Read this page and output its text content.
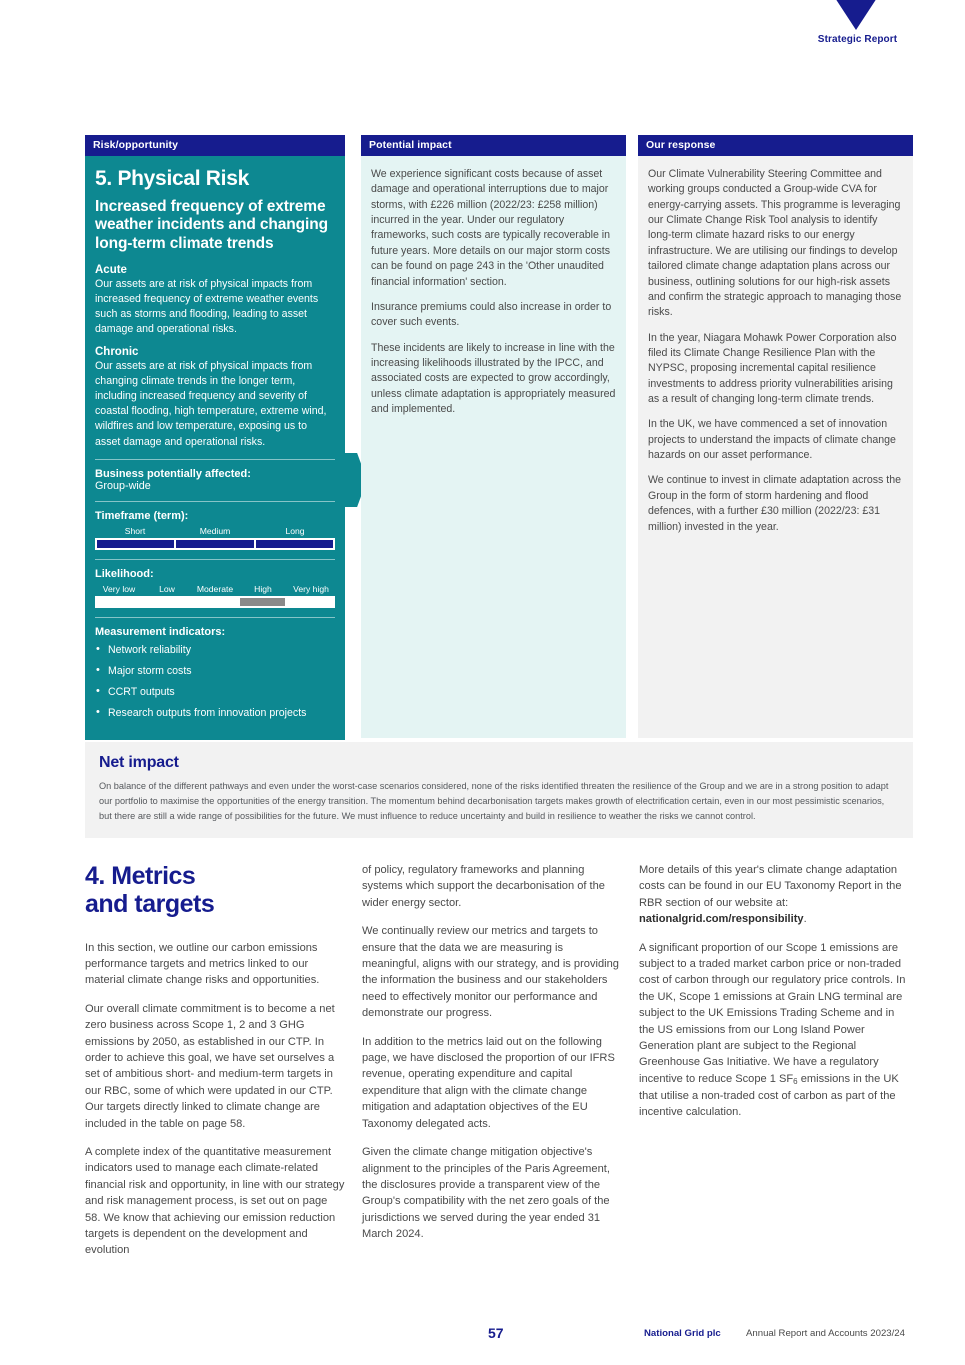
Strategic Report
Risk/opportunity
5. Physical Risk
Increased frequency of extreme weather incidents and changing long-term climate trends
Acute
Our assets are at risk of physical impacts from increased frequency of extreme weather events such as storms and flooding, leading to asset damage and operational risks.
Chronic
Our assets are at risk of physical impacts from changing climate trends in the longer term, including increased frequency and severity of coastal flooding, high temperature, extreme wind, wildfires and low temperature, exposing us to asset damage and operational risks.
Business potentially affected:
Group-wide
Timeframe (term):
Short	Medium	Long
Likelihood:
Very low	Low	Moderate	High	Very high
Measurement indicators:
• Network reliability
• Major storm costs
• CCRT outputs
• Research outputs from innovation projects
Potential impact

We experience significant costs because of asset damage and operational interruptions due to major storms, with £226 million (2022/23: £258 million) incurred in the year. Under our regulatory frameworks, such costs are typically recoverable in future years. More details on our major storm costs can be found on page 243 in the 'Other unaudited financial information' section.

Insurance premiums could also increase in order to cover such events.

These incidents are likely to increase in line with the increasing likelihoods illustrated by the IPCC, and associated costs are expected to grow accordingly, unless climate adaptation is appropriately measured and implemented.

Our response

Our Climate Vulnerability Steering Committee and working groups conducted a Group-wide CVA for energy-carrying assets. This programme is leveraging our Climate Change Risk Tool analysis to identify long-term climate hazard risks to our energy infrastructure. We are utilising our findings to develop tailored climate change adaptation plans across our business, outlining solutions for our high-risk assets and confirm the strategic approach to managing those risks.

In the year, Niagara Mohawk Power Corporation also filed its Climate Change Resilience Plan with the NYPSC, proposing incremental capital resilience investments to address priority vulnerabilities arising as a result of changing long-term climate trends.

In the UK, we have commenced a set of innovation projects to understand the impacts of climate change hazards on our asset performance.

We continue to invest in climate adaptation across the Group in the form of storm hardening and flood defences, with a further £30 million (2022/23: £31 million) invested in the year.

Net impact
On balance of the different pathways and even under the worst-case scenarios considered, none of the risks identified threaten the resilience of the Group and we are in a strong position to adapt our portfolio to maximise the opportunities of the energy transition. The momentum behind decarbonisation targets makes growth of electrification certain, even in our most pessimistic scenarios, but there are still a wide range of possibilities for the future. We must influence to reduce uncertainty and build in resilience to weather the risks we cannot control.
4. Metrics
and targets

In this section, we outline our carbon emissions performance targets and metrics linked to our material climate change risks and opportunities.

Our overall climate commitment is to become a net zero business across Scope 1, 2 and 3 GHG emissions by 2050, as established in our CTP. In order to achieve this goal, we have set ourselves a set of ambitious short- and medium-term targets in our RBC, some of which were updated in our CTP. Our targets directly linked to climate change are included in the table on page 58.

A complete index of the quantitative measurement indicators used to manage each climate-related financial risk and opportunity, in line with our strategy and risk management process, is set out on page 58. We know that achieving our emission reduction targets is dependent on the development and evolution

of policy, regulatory frameworks and planning systems which support the decarbonisation of the wider energy sector.

We continually review our metrics and targets to ensure that the data we are measuring is meaningful, aligns with our strategy, and is providing the information the business and our stakeholders need to effectively monitor our performance and demonstrate our progress.

In addition to the metrics laid out on the following page, we have disclosed the proportion of our IFRS revenue, operating expenditure and capital expenditure that align with the climate change mitigation and adaptation objectives of the EU Taxonomy delegated acts.

Given the climate change mitigation objective's alignment to the principles of the Paris Agreement, the disclosures provide a transparent view of the Group's compatibility with the net zero goals of the jurisdictions we served during the year ended 31 March 2024.

More details of this year's climate change adaptation costs can be found in our EU Taxonomy Report in the RBR section of our website at: nationalgrid.com/responsibility.

A significant proportion of our Scope 1 emissions are subject to a traded market carbon price or non-traded cost of carbon through our regulatory price controls. In the UK, Scope 1 emissions at Grain LNG terminal are subject to the UK Emissions Trading Scheme and in the US emissions from our Long Island Power Generation plant are subject to the Regional Greenhouse Gas Initiative. We have a regulatory incentive to reduce Scope 1 $SF_6$ emissions in the UK that utilise a non-traded cost of carbon as part of the incentive calculation.

57	National Grid plc	Annual Report and Accounts 2023/24
